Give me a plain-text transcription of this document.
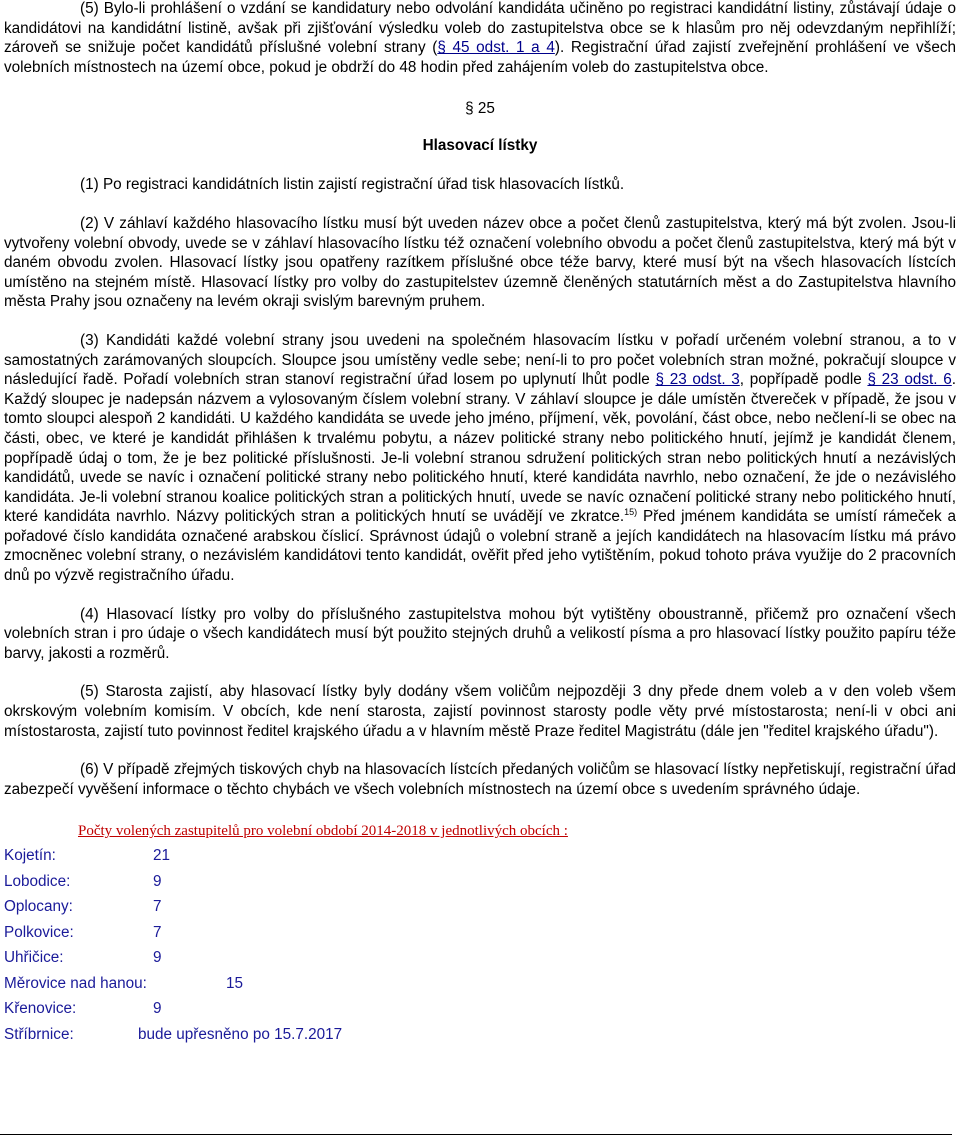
(5) Bylo-li prohlášení o vzdání se kandidatury nebo odvolání kandidáta učiněno po registraci kandidátní listiny, zůstávají údaje o kandidátovi na kandidátní listině, avšak při zjišťování výsledku voleb do zastupitelstva obce se k hlasům pro něj odevzdaným nepřihlíží; zároveň se snižuje počet kandidátů příslušné volební strany (§ 45 odst. 1 a 4). Registrační úřad zajistí zveřejnění prohlášení ve všech volebních místnostech na území obce, pokud je obdrží do 48 hodin před zahájením voleb do zastupitelstva obce.

§ 25
Hlasovací lístky

(1) Po registraci kandidátních listin zajistí registrační úřad tisk hlasovacích lístků.

(2) V záhlaví každého hlasovacího lístku musí být uveden název obce a počet členů zastupitelstva, který má být zvolen. Jsou-li vytvořeny volební obvody, uvede se v záhlaví hlasovacího lístku též označení volebního obvodu a počet členů zastupitelstva, který má být v daném obvodu zvolen. Hlasovací lístky jsou opatřeny razítkem příslušné obce téže barvy, které musí být na všech hlasovacích lístcích umístěno na stejném místě. Hlasovací lístky pro volby do zastupitelstev územně členěných statutárních měst a do Zastupitelstva hlavního města Prahy jsou označeny na levém okraji svislým barevným pruhem.

(3) Kandidáti každé volební strany jsou uvedeni na společném hlasovacím lístku v pořadí určeném volební stranou, a to v samostatných zarámovaných sloupcích. Sloupce jsou umístěny vedle sebe; není-li to pro počet volebních stran možné, pokračují sloupce v následující řadě. Pořadí volebních stran stanoví registrační úřad losem po uplynutí lhůt podle § 23 odst. 3, popřípadě podle § 23 odst. 6. Každý sloupec je nadepsán názvem a vylosovaným číslem volební strany. V záhlaví sloupce je dále umístěn čtvereček v případě, že jsou v tomto sloupci alespoň 2 kandidáti. U každého kandidáta se uvede jeho jméno, příjmení, věk, povolání, část obce, nebo nečlení-li se obec na části, obec, ve které je kandidát přihlášen k trvalému pobytu, a název politické strany nebo politického hnutí, jejímž je kandidát členem, popřípadě údaj o tom, že je bez politické příslušnosti. Je-li volební stranou sdružení politických stran nebo politických hnutí a nezávislých kandidátů, uvede se navíc i označení politické strany nebo politického hnutí, které kandidáta navrhlo, nebo označení, že jde o nezávislého kandidáta. Je-li volební stranou koalice politických stran a politických hnutí, uvede se navíc označení politické strany nebo politického hnutí, které kandidáta navrhlo. Názvy politických stran a politických hnutí se uvádějí ve zkratce.$^{15)}$ Před jménem kandidáta se umístí rámeček a pořadové číslo kandidáta označené arabskou číslicí. Správnost údajů o volební straně a jejích kandidátech na hlasovacím lístku má právo zmocněnec volební strany, o nezávislém kandidátovi tento kandidát, ověřit před jeho vytištěním, pokud tohoto práva využije do 2 pracovních dnů po výzvě registračního úřadu.

(4) Hlasovací lístky pro volby do příslušného zastupitelstva mohou být vytištěny oboustranně, přičemž pro označení všech volebních stran i pro údaje o všech kandidátech musí být použito stejných druhů a velikostí písma a pro hlasovací lístky použito papíru téže barvy, jakosti a rozměrů.

(5) Starosta zajistí, aby hlasovací lístky byly dodány všem voličům nejpozději 3 dny přede dnem voleb a v den voleb všem okrskovým volebním komisím. V obcích, kde není starosta, zajistí povinnost starosty podle věty prvé místostarosta; není-li v obci ani místostarosta, zajistí tuto povinnost ředitel krajského úřadu a v hlavním městě Praze ředitel Magistrátu (dále jen "ředitel krajského úřadu").

(6) V případě zřejmých tiskových chyb na hlasovacích lístcích předaných voličům se hlasovací lístky nepřetiskují, registrační úřad zabezpečí vyvěšení informace o těchto chybách ve všech volebních místnostech na území obce s uvedením správného údaje.

Počty volených zastupitelů pro volební období 2014-2018 v jednotlivých obcích :
Kojetín:	21
Lobodice:	9
Oplocany:	7
Polkovice:	7
Uhřičice:	9
Měrovice nad hanou:	15
Křenovice:	9
Stříbrnice:	bude upřesněno po 15.7.2017
